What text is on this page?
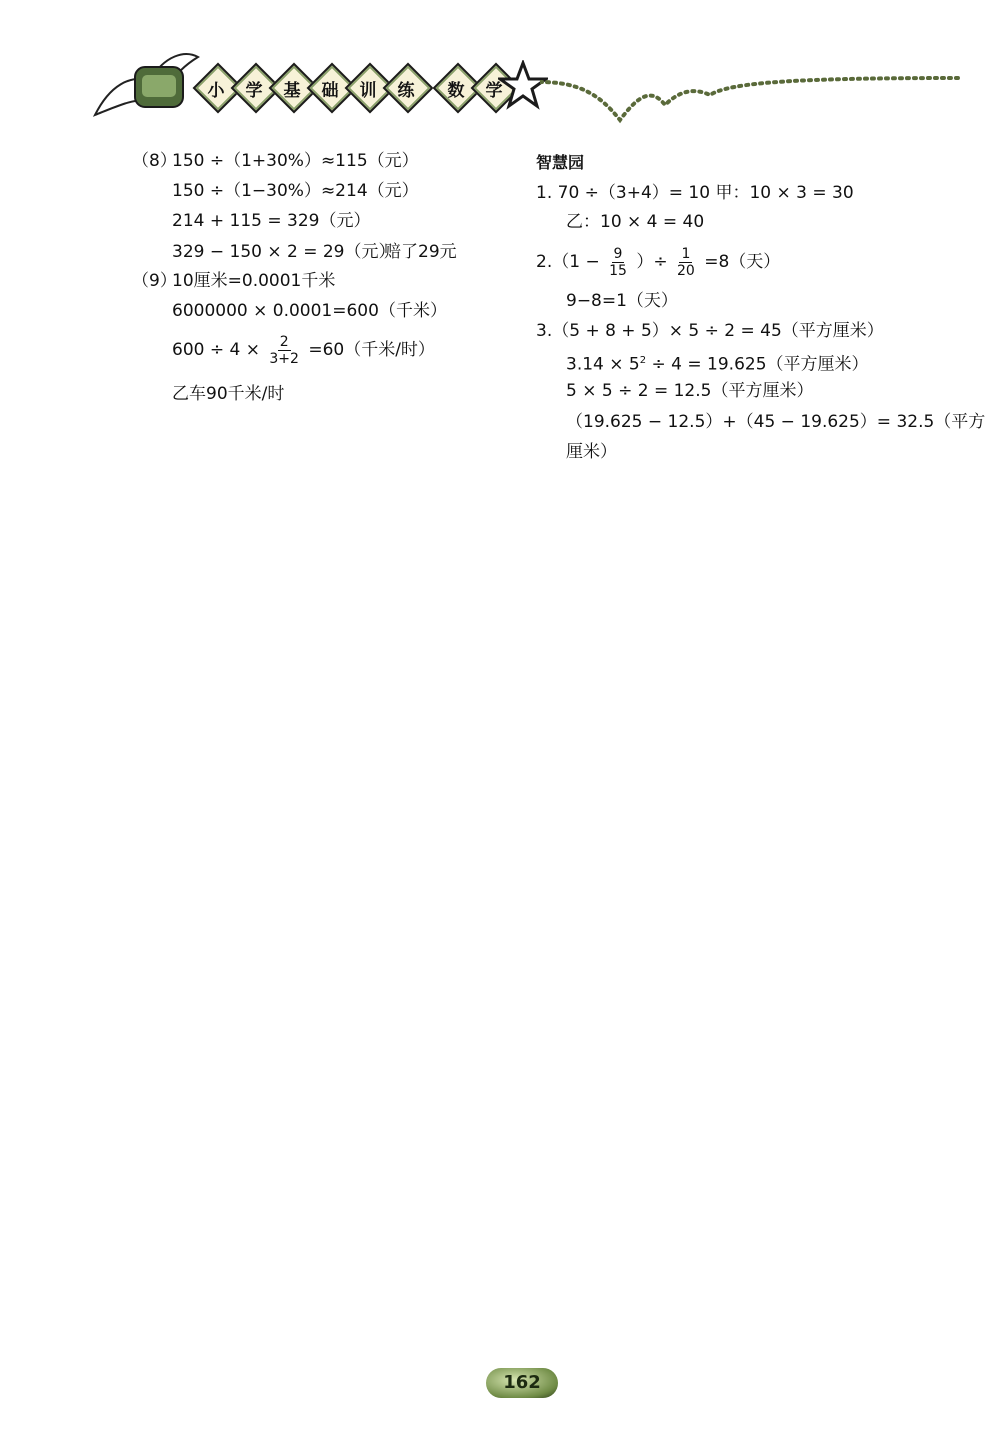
小	学	基	础	训	练	数	学
（8）
150 ÷（1+30%）≈115（元）
150 ÷（1−30%）≈214（元）
214 + 115 = 329（元）
329 − 150 × 2 = 29（元）
赔了29元
（9）
10厘米=0.0001千米
6000000 × 0.0001=600（千米）
$600 \div 4 \times \frac{2}{3+2} =60$（千米/时）
乙车90千米/时
智慧园
1. 70 ÷（3+4）= 10 甲：10 × 3 = 30
乙：10 × 4 = 40
$2.(1 - \frac{9}{15}$ ）÷ $\frac{1}{20} =8$（天）
9−8=1（天）
3.（5 + 8 + 5）× 5 ÷ 2 = 45（平方厘米）
$3.14 \times 5^2 \div 4 = 19.625$（平方厘米）
5 × 5 ÷ 2 = 12.5（平方厘米）
（19.625 − 12.5）+（45 − 19.625）= 32.5（平方
厘米）
162
